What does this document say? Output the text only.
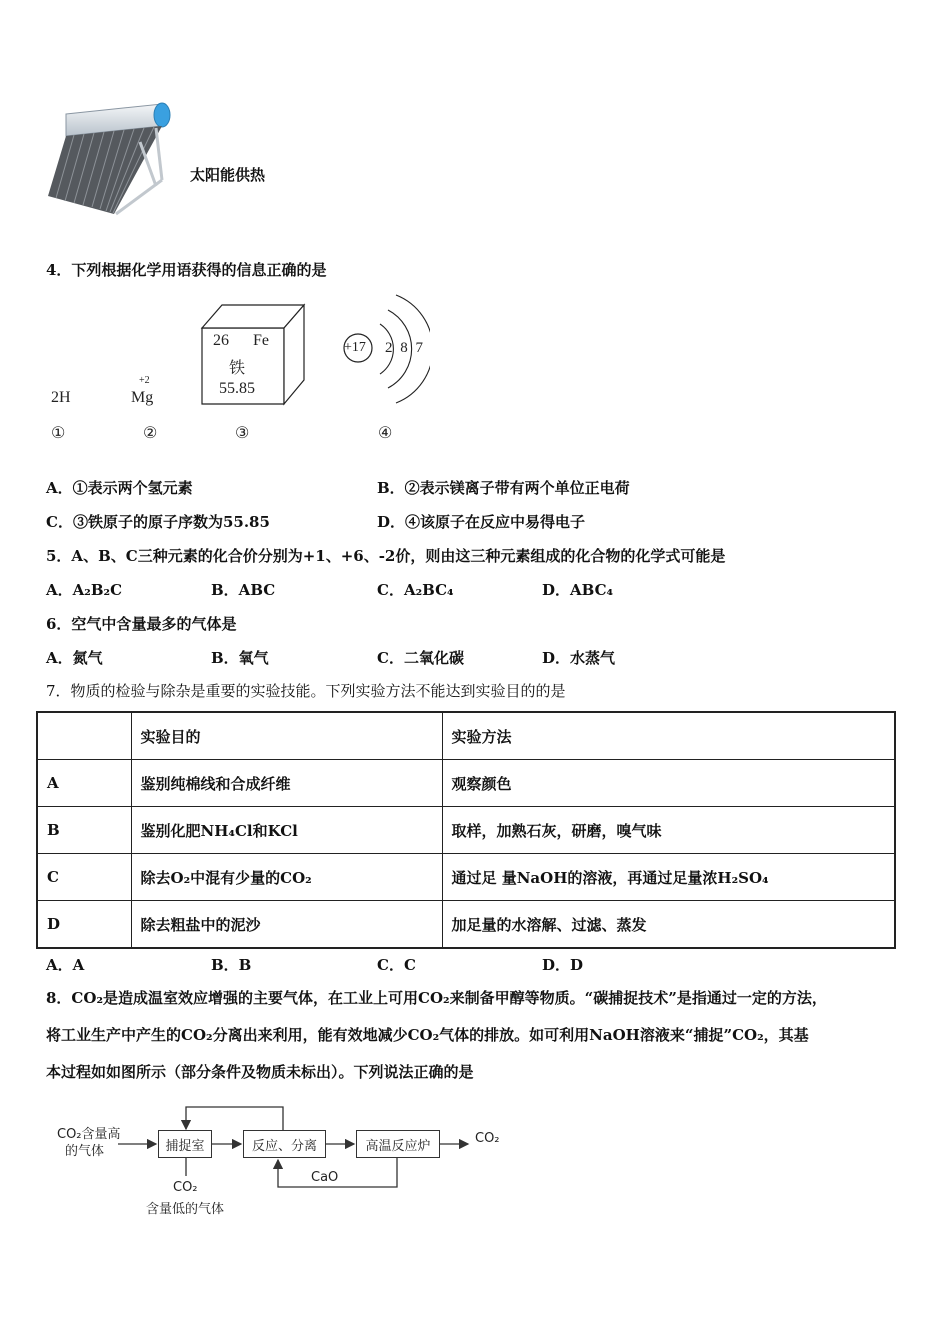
太阳能供热
4．下列根据化学用语获得的信息正确的是
2H
+2
Mg
26 Fe
铁
55.85
+17 2 8 7
①	②	③	④
A．①表示两个氢元素	B．②表示镁离子带有两个单位正电荷
C．③铁原子的原子序数为55.85	D．④该原子在反应中易得电子
5．A、B、C三种元素的化合价分别为+1、+6、-2价，则由这三种元素组成的化合物的化学式可能是
A．A₂B₂C	B．ABC	C．A₂BC₄	D．ABC₄
6．空气中含量最多的气体是
A．氮气	B．氧气	C．二氧化碳	D．水蒸气
7．物质的检验与除杂是重要的实验技能。下列实验方法不能达到实验目的的是
	实验目的	实验方法
A	鉴别纯棉线和合成纤维	观察颜色
B	鉴别化肥NH₄Cl和KCl	取样，加熟石灰，研磨，嗅气味
C	除去O₂中混有少量的CO₂	通过足 量NaOH的溶液，再通过足量浓H₂SO₄
D	除去粗盐中的泥沙	加足量的水溶解、过滤、蒸发
A．A	B．B	C．C	D．D
8．CO₂是造成温室效应增强的主要气体，在工业上可用CO₂来制备甲醇等物质。“碳捕捉技术”是指通过一定的方法，
将工业生产中产生的CO₂分离出来利用，能有效地减少CO₂气体的排放。如可利用NaOH溶液来“捕捉”CO₂，其基
本过程如如图所示（部分条件及物质未标出）。下列说法正确的是
CO₂含量高
的气体	捕捉室	反应、分离	高温反应炉	CO₂
CaO
CO₂
含量低的气体
